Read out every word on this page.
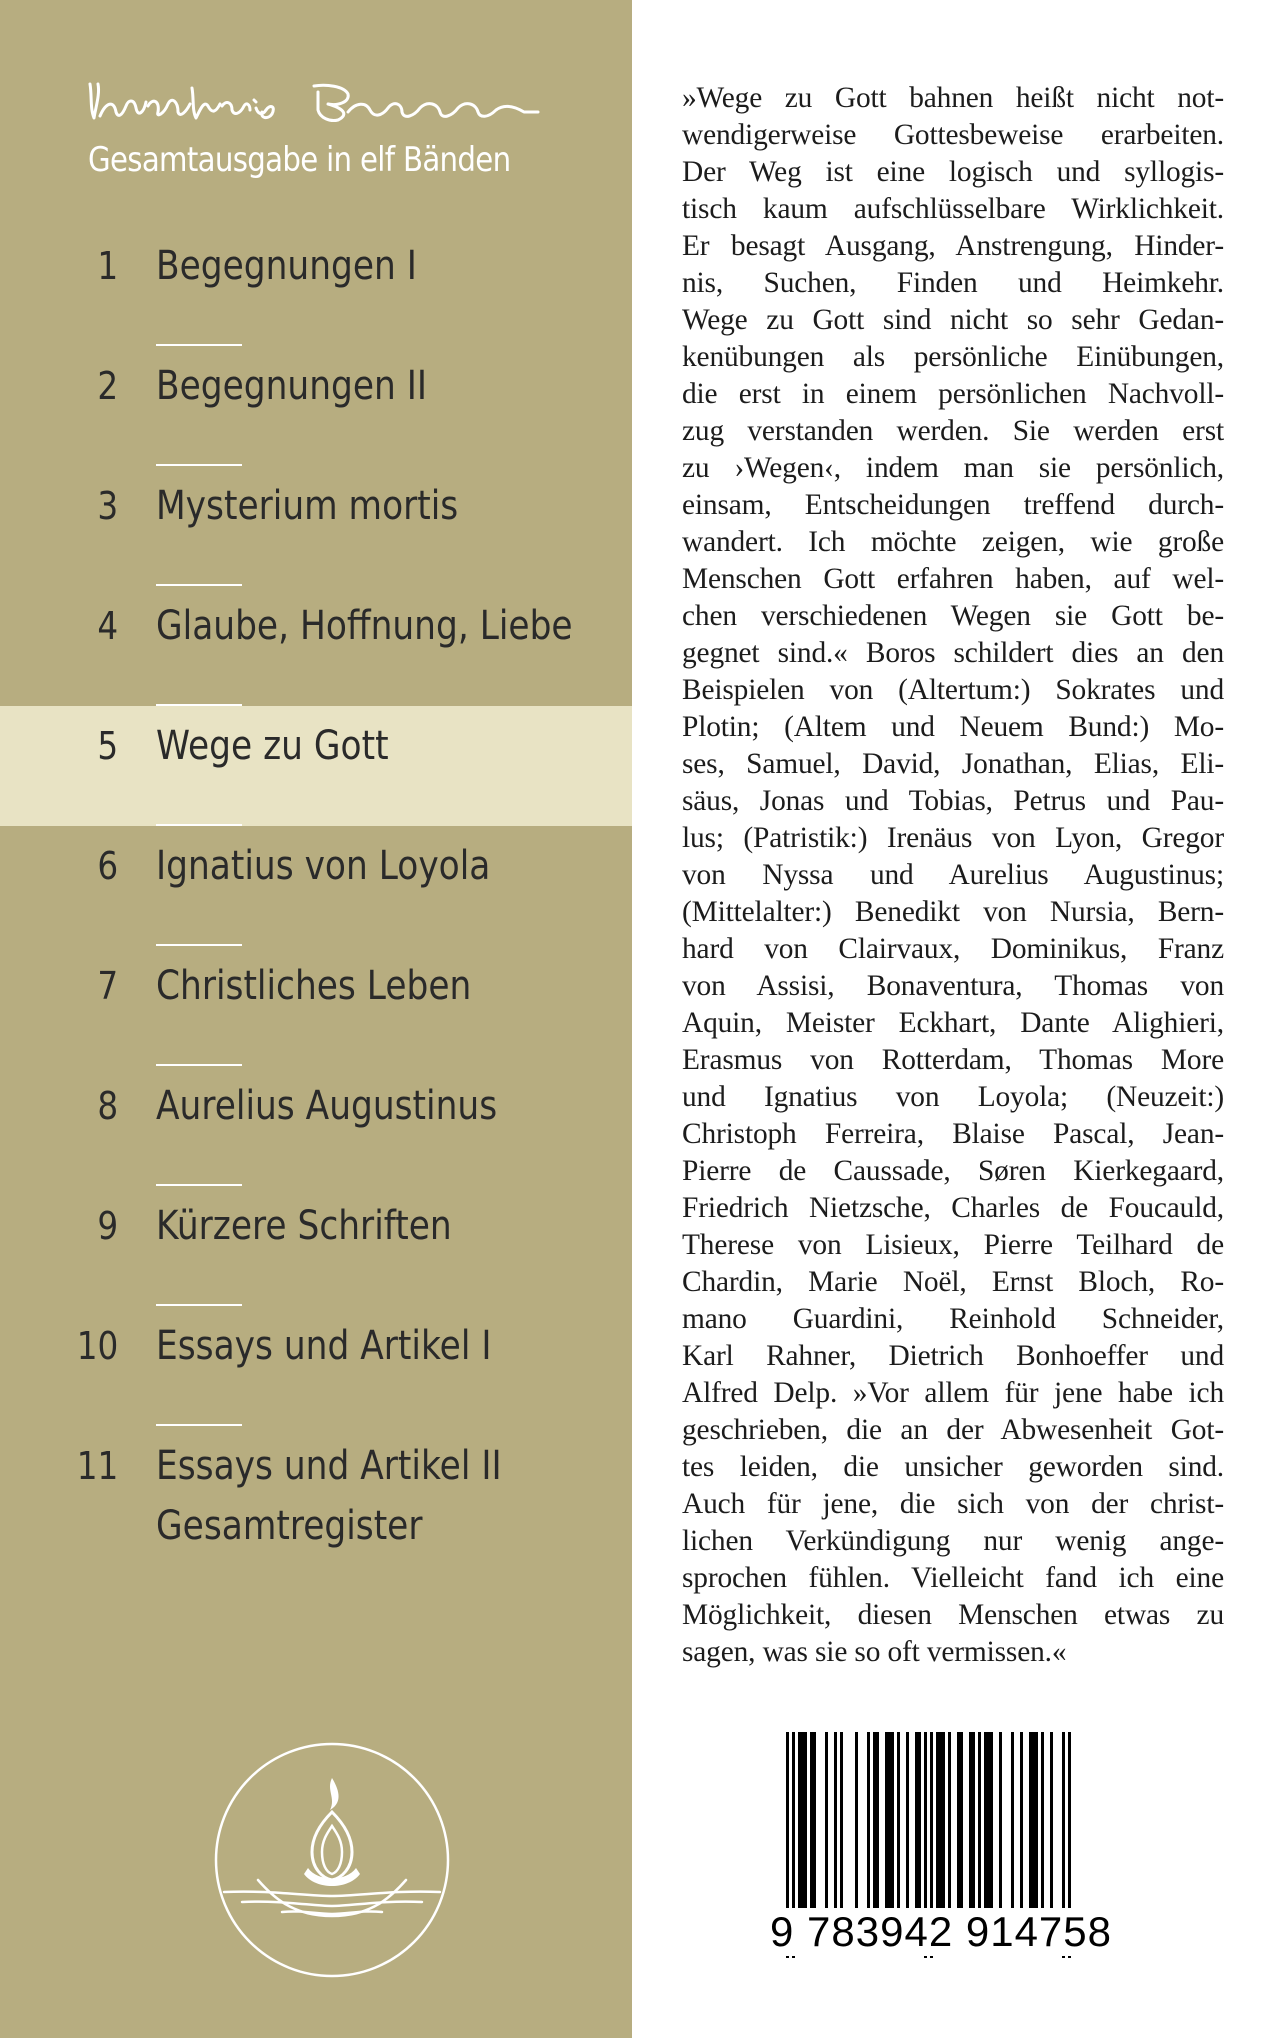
Gesamtausgabe in elf Bänden
1 Begegnungen I
2 Begegnungen II
3 Mysterium mortis
4 Glaube, Hoffnung, Liebe
5 Wege zu Gott
6 Ignatius von Loyola
7 Christliches Leben
8 Aurelius Augustinus
9 Kürzere Schriften
10 Essays und Artikel I
11 Essays und Artikel II
Gesamtregister
»Wege zu Gott bahnen heißt nicht not-
wendigerweise Gottesbeweise erarbeiten.
Der Weg ist eine logisch und syllogis-
tisch kaum aufschlüsselbare Wirklichkeit.
Er besagt Ausgang, Anstrengung, Hinder-
nis, Suchen, Finden und Heimkehr.
Wege zu Gott sind nicht so sehr Gedan-
kenübungen als persönliche Einübungen,
die erst in einem persönlichen Nachvoll-
zug verstanden werden. Sie werden erst
zu ›Wegen‹, indem man sie persönlich,
einsam, Entscheidungen treffend durch-
wandert. Ich möchte zeigen, wie große
Menschen Gott erfahren haben, auf wel-
chen verschiedenen Wegen sie Gott be-
gegnet sind.« Boros schildert dies an den
Beispielen von (Altertum:) Sokrates und
Plotin; (Altem und Neuem Bund:) Mo-
ses, Samuel, David, Jonathan, Elias, Eli-
säus, Jonas und Tobias, Petrus und Pau-
lus; (Patristik:) Irenäus von Lyon, Gregor
von Nyssa und Aurelius Augustinus;
(Mittelalter:) Benedikt von Nursia, Bern-
hard von Clairvaux, Dominikus, Franz
von Assisi, Bonaventura, Thomas von
Aquin, Meister Eckhart, Dante Alighieri,
Erasmus von Rotterdam, Thomas More
und Ignatius von Loyola; (Neuzeit:)
Christoph Ferreira, Blaise Pascal, Jean-
Pierre de Caussade, Søren Kierkegaard,
Friedrich Nietzsche, Charles de Foucauld,
Therese von Lisieux, Pierre Teilhard de
Chardin, Marie Noël, Ernst Bloch, Ro-
mano Guardini, Reinhold Schneider,
Karl Rahner, Dietrich Bonhoeffer und
Alfred Delp. »Vor allem für jene habe ich
geschrieben, die an der Abwesenheit Got-
tes leiden, die unsicher geworden sind.
Auch für jene, die sich von der christ-
lichen Verkündigung nur wenig ange-
sprochen fühlen. Vielleicht fand ich eine
Möglichkeit, diesen Menschen etwas zu
sagen, was sie so oft vermissen.«
9 783942 914758
